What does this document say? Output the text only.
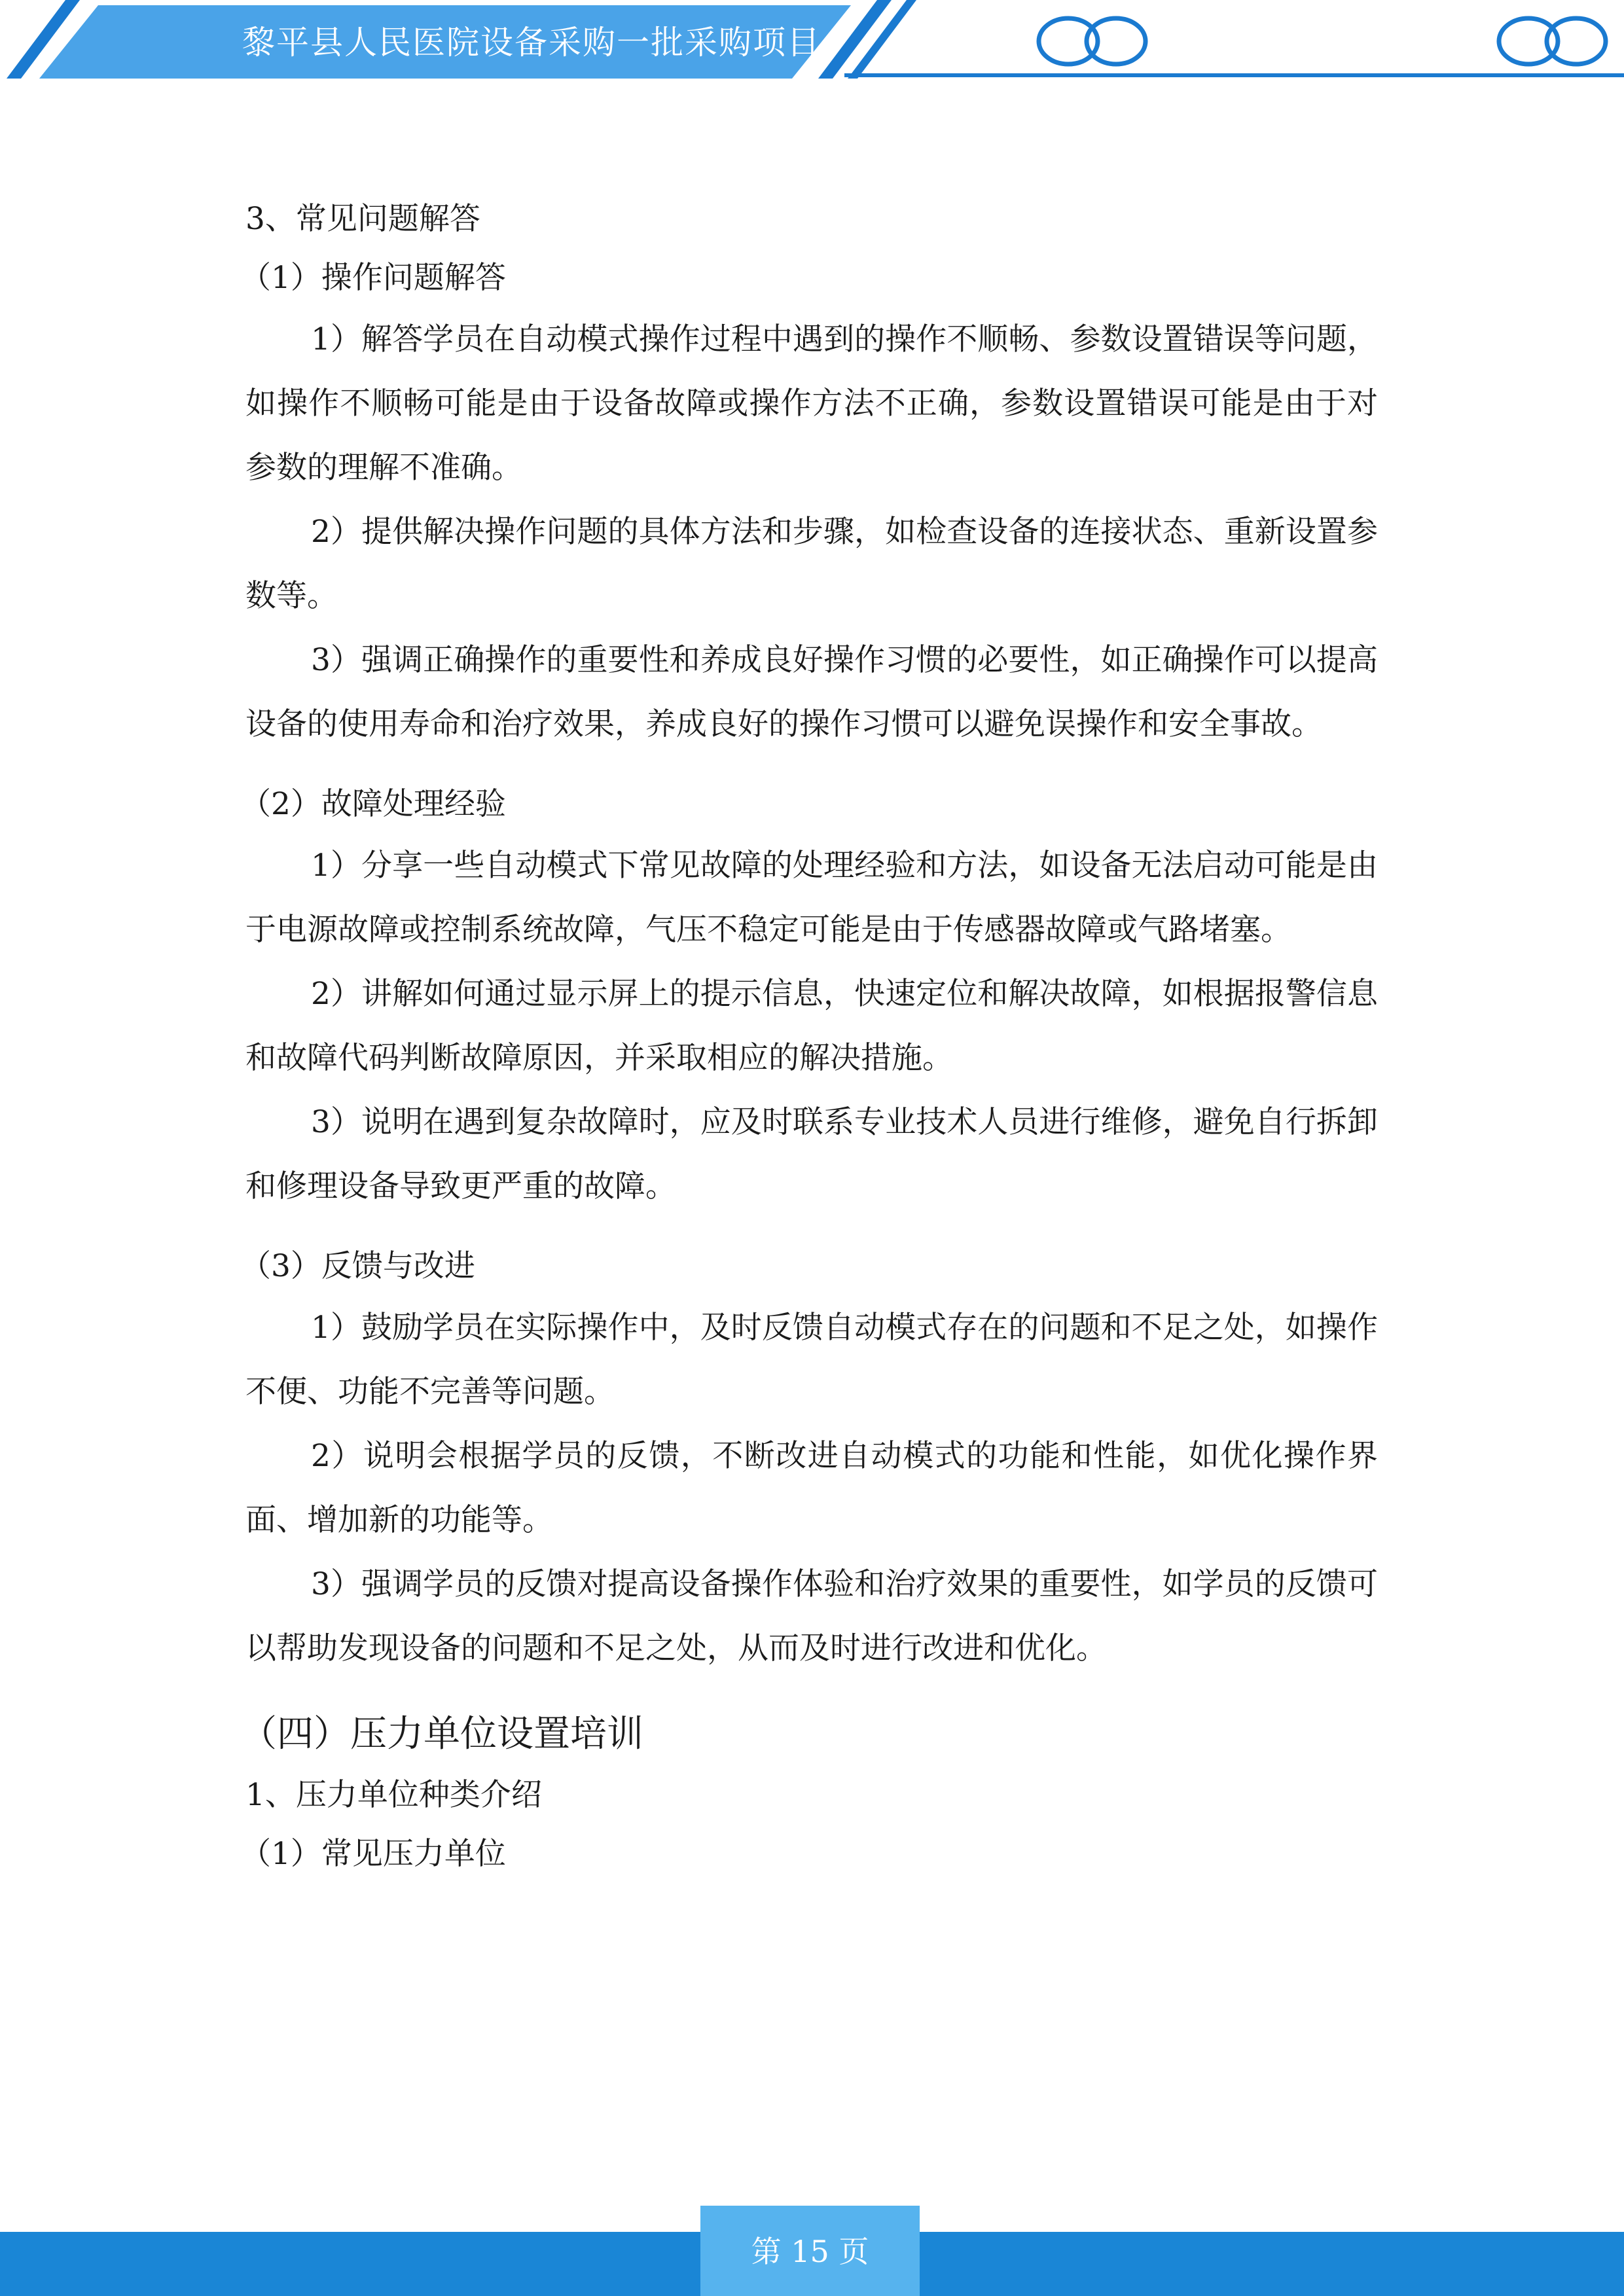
黎平县人民医院设备采购一批采购项目

3、常见问题解答

（1）操作问题解答

1）解答学员在自动模式操作过程中遇到的操作不顺畅、参数设置错误等问题，如操作不顺畅可能是由于设备故障或操作方法不正确，参数设置错误可能是由于对参数的理解不准确。

2）提供解决操作问题的具体方法和步骤，如检查设备的连接状态、重新设置参数等。

3）强调正确操作的重要性和养成良好操作习惯的必要性，如正确操作可以提高设备的使用寿命和治疗效果，养成良好的操作习惯可以避免误操作和安全事故。

（2）故障处理经验

1）分享一些自动模式下常见故障的处理经验和方法，如设备无法启动可能是由于电源故障或控制系统故障，气压不稳定可能是由于传感器故障或气路堵塞。

2）讲解如何通过显示屏上的提示信息，快速定位和解决故障，如根据报警信息和故障代码判断故障原因，并采取相应的解决措施。

3）说明在遇到复杂故障时，应及时联系专业技术人员进行维修，避免自行拆卸和修理设备导致更严重的故障。

（3）反馈与改进

1）鼓励学员在实际操作中，及时反馈自动模式存在的问题和不足之处，如操作不便、功能不完善等问题。

2）说明会根据学员的反馈，不断改进自动模式的功能和性能，如优化操作界面、增加新的功能等。

3）强调学员的反馈对提高设备操作体验和治疗效果的重要性，如学员的反馈可以帮助发现设备的问题和不足之处，从而及时进行改进和优化。

（四）压力单位设置培训

1、压力单位种类介绍

（1）常见压力单位

第 15 页
